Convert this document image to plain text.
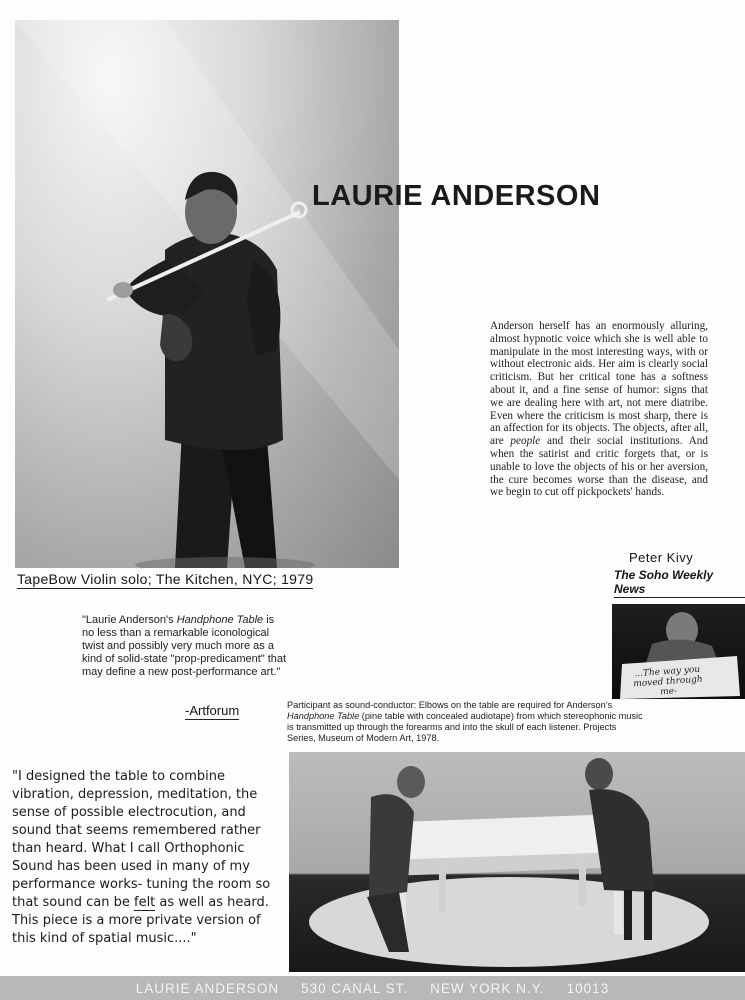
LAURIE ANDERSON
Anderson herself has an enormously alluring, almost hypnotic voice which she is well able to manipulate in the most interesting ways, with or without electronic aids. Her aim is clearly social criticism. But her critical tone has a softness about it, and a fine sense of humor: signs that we are dealing here with art, not mere diatribe. Even where the criticism is most sharp, there is an affection for its objects. The objects, after all, are people and their social institutions. And when the satirist and critic forgets that, or is unable to love the objects of his or her aversion, the cure becomes worse than the disease, and we begin to cut off pickpockets' hands.
Peter Kivy
The Soho Weekly News
TapeBow Violin solo; The Kitchen, NYC; 1979
"Laurie Anderson's Handphone Table is no less than a remarkable iconological twist and possibly very much more as a kind of solid-state "prop-predicament" that may define a new post-performance art."
-Artforum
...The way you moved through me-
Participant as sound-conductor: Elbows on the table are required for Anderson's Handphone Table (pine table with concealed audiotape) from which stereophonic music is transmitted up through the forearms and into the skull of each listener. Projects Series, Museum of Modern Art, 1978.
"I designed the table to combine vibration, depression, meditation, the sense of possible electrocution, and sound that seems remembered rather than heard. What I call Orthophonic Sound has been used in many of my performance works- tuning the room so that sound can be felt as well as heard. This piece is a more private version of this kind of spatial music...."
LAURIE ANDERSON 530 CANAL ST. NEW YORK N.Y. 10013
